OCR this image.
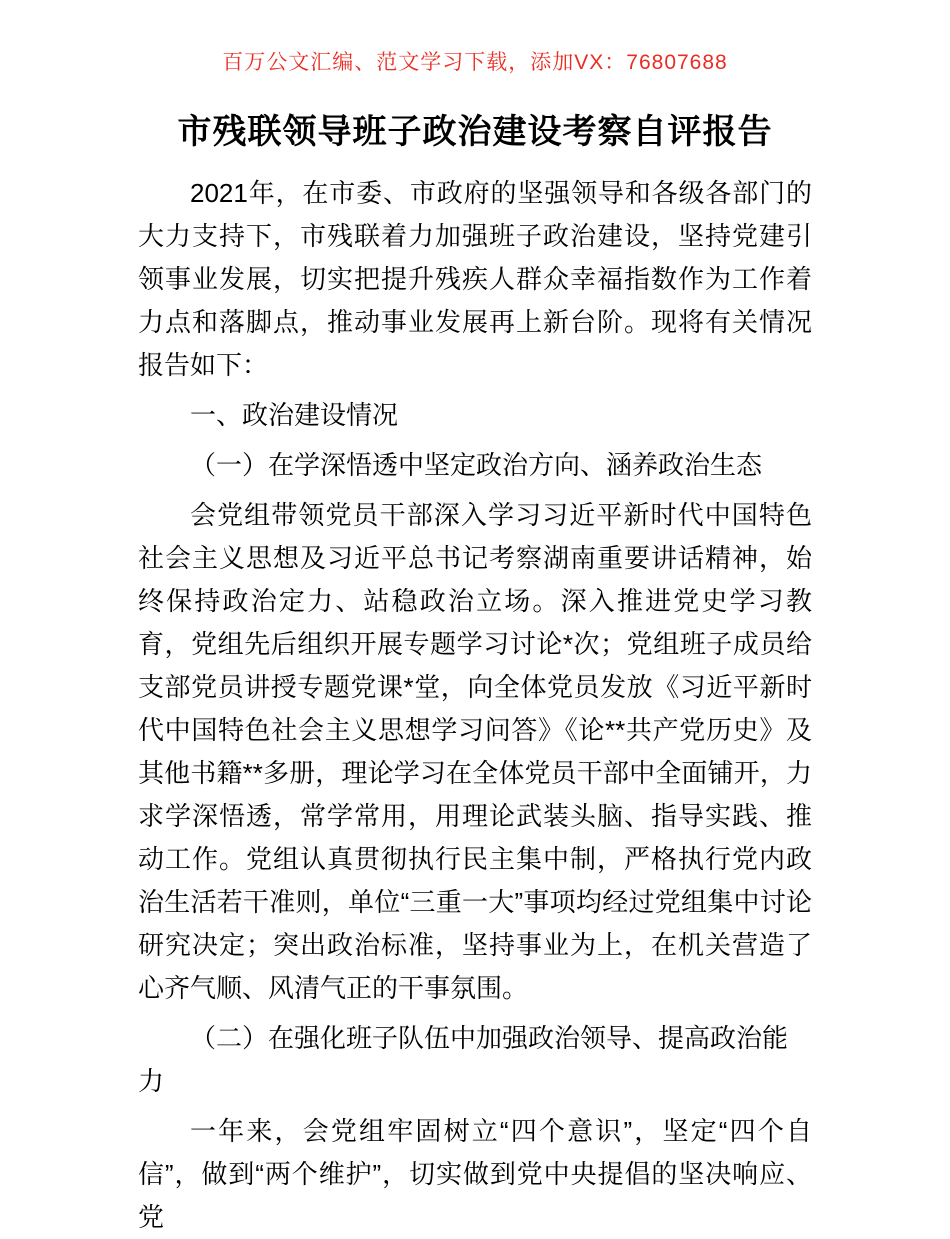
百万公文汇编、范文学习下载，添加VX：76807688
市残联领导班子政治建设考察自评报告

2021年，在市委、市政府的坚强领导和各级各部门的大力支持下，市残联着力加强班子政治建设，坚持党建引领事业发展，切实把提升残疾人群众幸福指数作为工作着力点和落脚点，推动事业发展再上新台阶。现将有关情况报告如下：

一、政治建设情况

（一）在学深悟透中坚定政治方向、涵养政治生态

会党组带领党员干部深入学习习近平新时代中国特色社会主义思想及习近平总书记考察湖南重要讲话精神，始终保持政治定力、站稳政治立场。深入推进党史学习教育，党组先后组织开展专题学习讨论*次；党组班子成员给支部党员讲授专题党课*堂，向全体党员发放《习近平新时代中国特色社会主义思想学习问答》《论**共产党历史》及其他书籍**多册，理论学习在全体党员干部中全面铺开，力求学深悟透，常学常用，用理论武装头脑、指导实践、推动工作。党组认真贯彻执行民主集中制，严格执行党内政治生活若干准则，单位“三重一大”事项均经过党组集中讨论研究决定；突出政治标准，坚持事业为上，在机关营造了心齐气顺、风清气正的干事氛围。

（二）在强化班子队伍中加强政治领导、提高政治能力

一年来，会党组牢固树立“四个意识”，坚定“四个自信”，做到“两个维护”，切实做到党中央提倡的坚决响应、党
